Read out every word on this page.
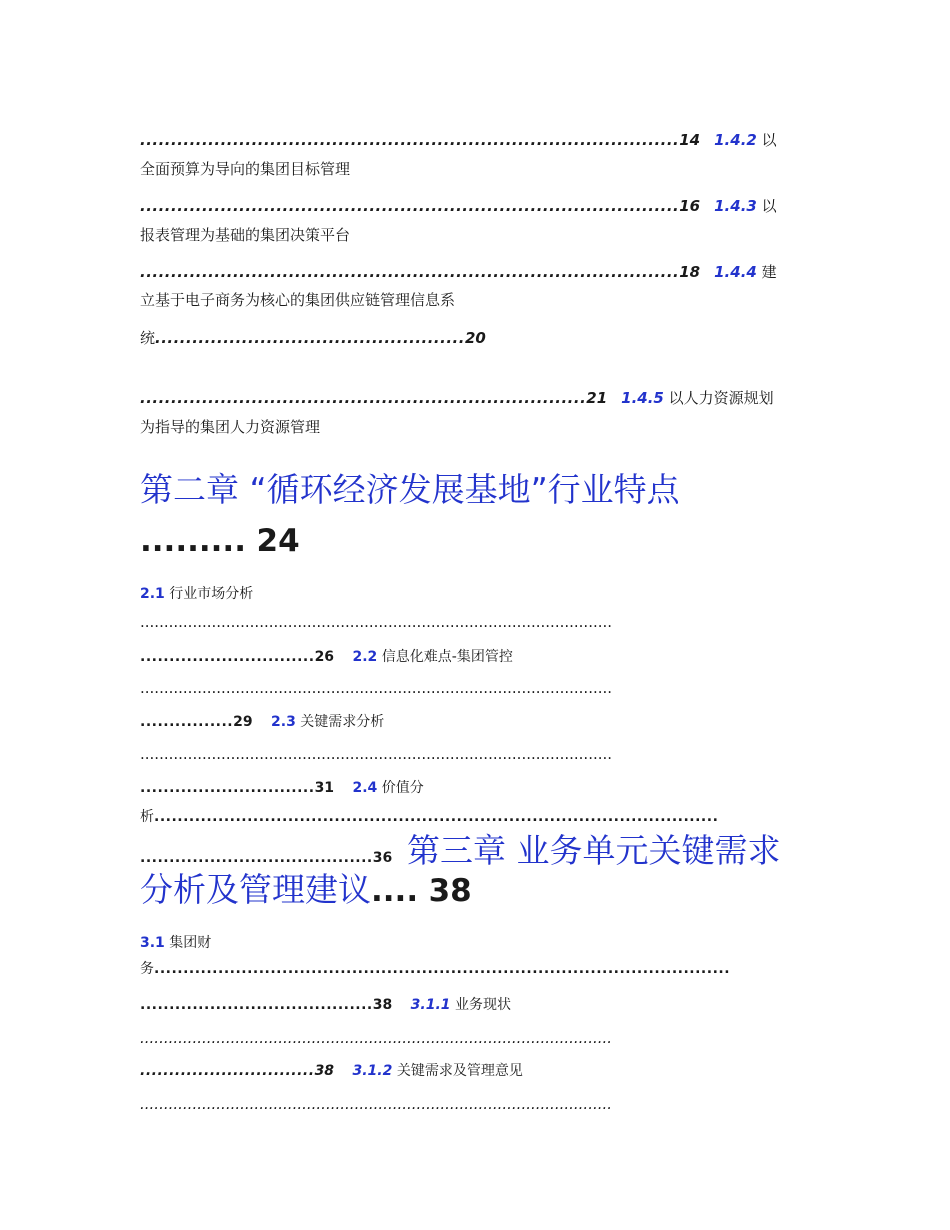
.......................................................................................14 1.4.2 以
全面预算为导向的集团目标管理
.......................................................................................16 1.4.3 以
报表管理为基础的集团决策平台
.......................................................................................18 1.4.4 建
立基于电子商务为核心的集团供应链管理信息系
统..................................................20
........................................................................21 1.4.5 以人力资源规划
为指导的集团人力资源管理
第二章 “循环经济发展基地”行业特点
......... 24
2.1 行业市场分析
...................................................................................................
..............................26 2.2 信息化难点-集团管控
...................................................................................................
................29 2.3 关键需求分析
...................................................................................................
..............................31 2.4 价值分
析.................................................................................................
........................................36 第三章 业务单元关键需求
分析及管理建议.... 38
3.1 集团财
务...................................................................................................
........................................38 3.1.1 业务现状
...................................................................................................
..............................38 3.1.2 关键需求及管理意见
...................................................................................................
